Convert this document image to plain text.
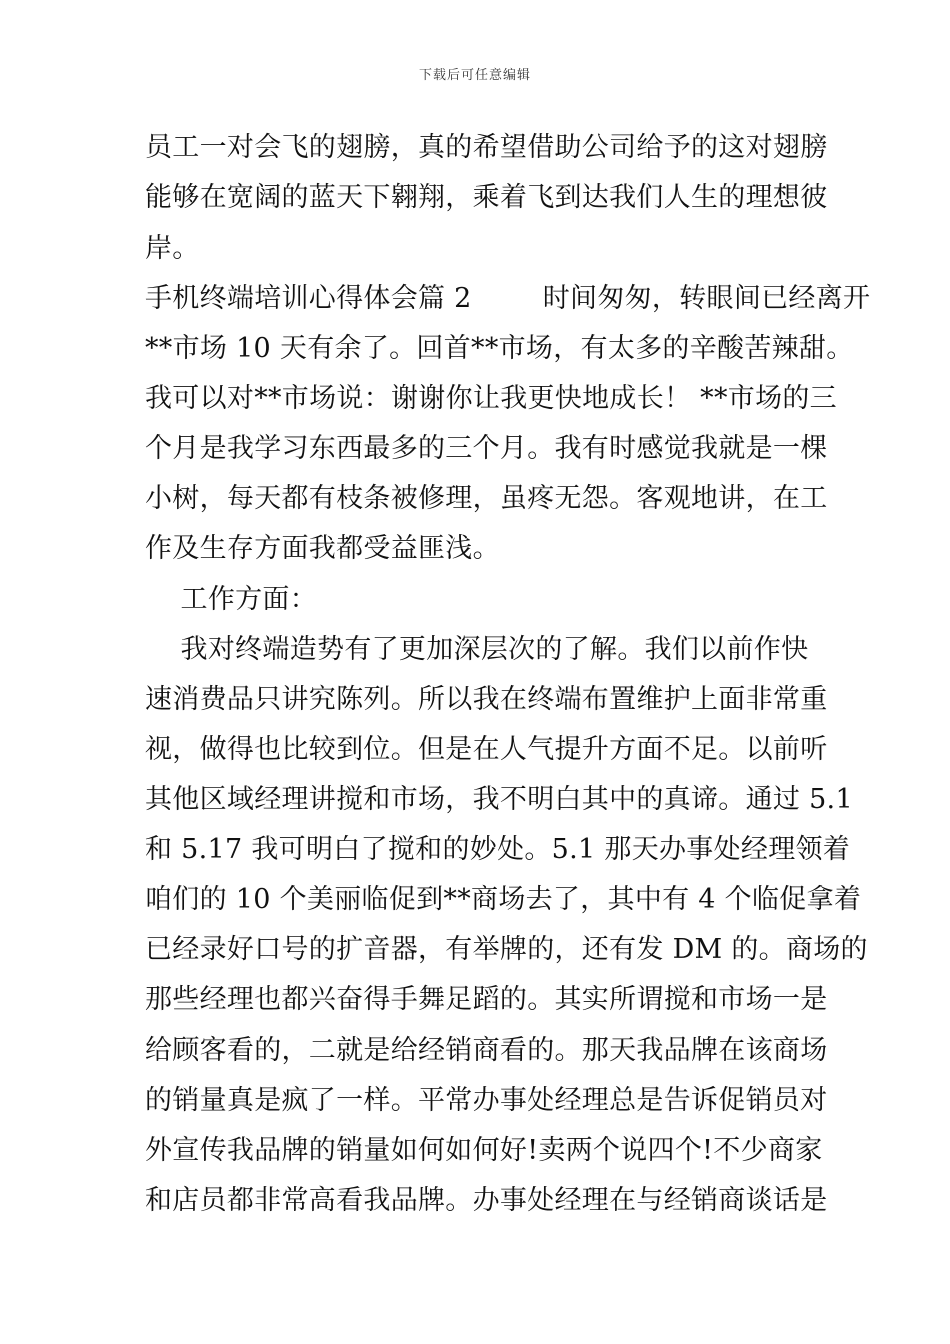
下载后可任意编辑
员工一对会飞的翅膀，真的希望借助公司给予的这对翅膀
能够在宽阔的蓝天下翱翔，乘着飞到达我们人生的理想彼
岸。
手机终端培训心得体会篇 2        时间匆匆，转眼间已经离开
**市场 10 天有余了。回首**市场，有太多的辛酸苦辣甜。
我可以对**市场说：谢谢你让我更快地成长！ **市场的三
个月是我学习东西最多的三个月。我有时感觉我就是一棵
小树，每天都有枝条被修理，虽疼无怨。客观地讲，在工
作及生存方面我都受益匪浅。
工作方面：
我对终端造势有了更加深层次的了解。我们以前作快
速消费品只讲究陈列。所以我在终端布置维护上面非常重
视，做得也比较到位。但是在人气提升方面不足。以前听
其他区域经理讲搅和市场，我不明白其中的真谛。通过 5.1
和 5.17 我可明白了搅和的妙处。5.1 那天办事处经理领着
咱们的 10 个美丽临促到**商场去了，其中有 4 个临促拿着
已经录好口号的扩音器，有举牌的，还有发 DM 的。商场的
那些经理也都兴奋得手舞足蹈的。其实所谓搅和市场一是
给顾客看的，二就是给经销商看的。那天我品牌在该商场
的销量真是疯了一样。平常办事处经理总是告诉促销员对
外宣传我品牌的销量如何如何好!卖两个说四个!不少商家
和店员都非常高看我品牌。办事处经理在与经销商谈话是
